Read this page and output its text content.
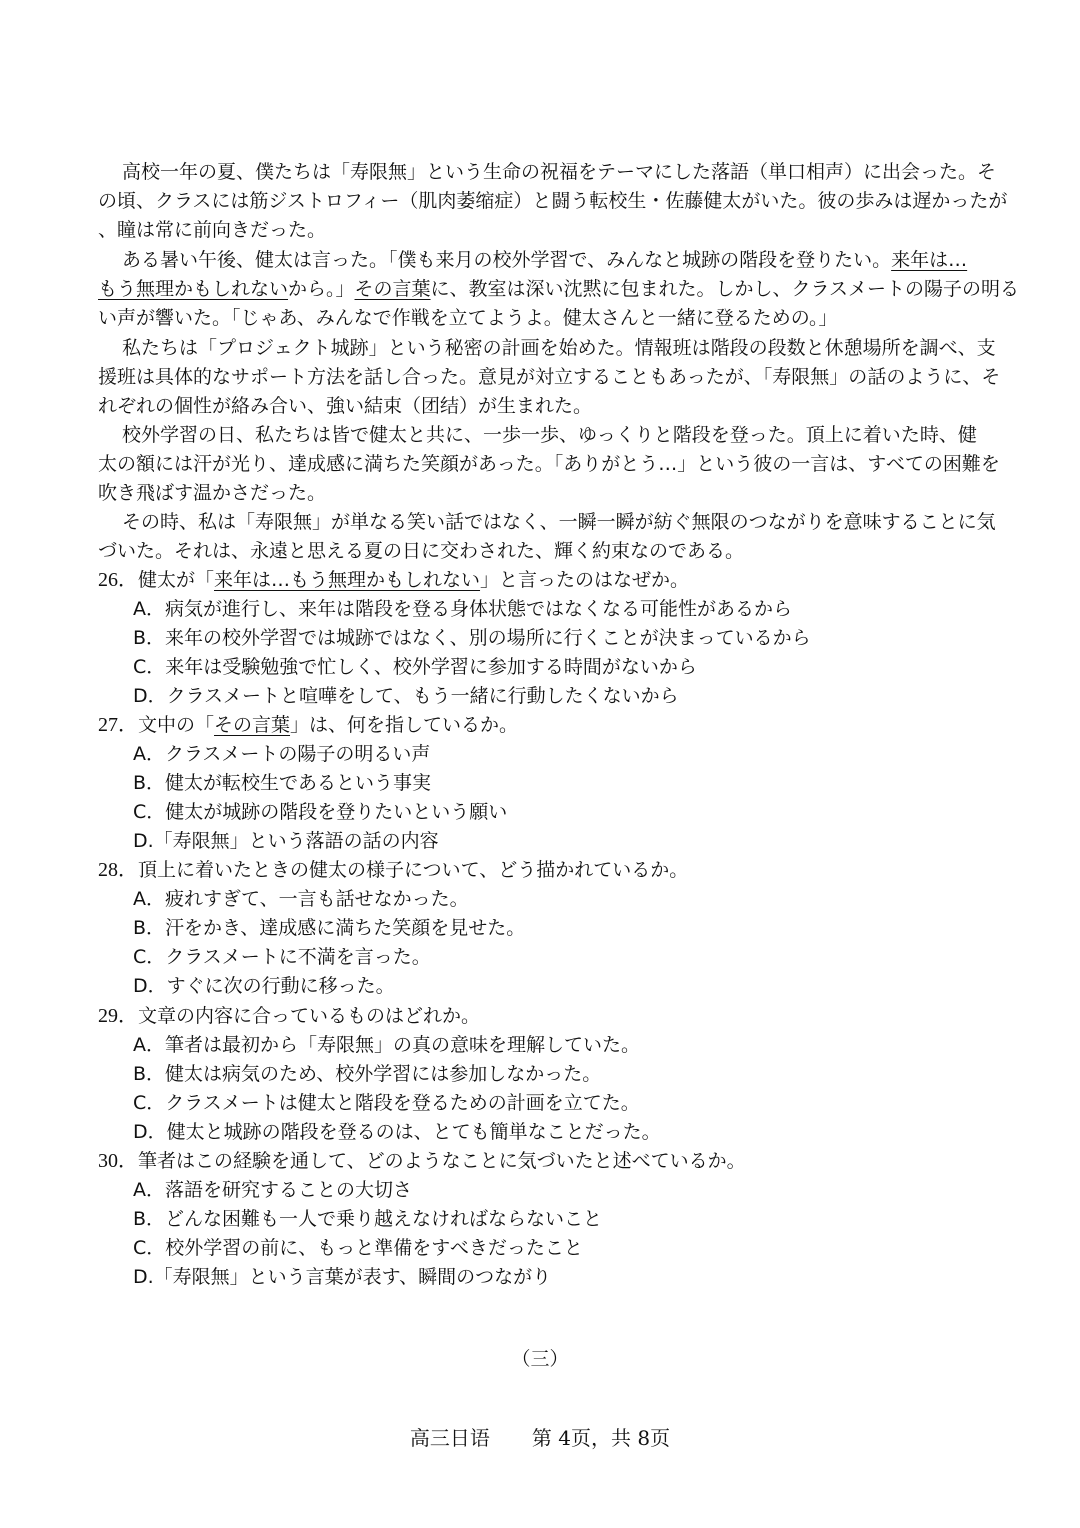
高校一年の夏、僕たちは「寿限無」という生命の祝福をテーマにした落語（単口相声）に出会った。そ
の頃、クラスには筋ジストロフィー（肌肉萎缩症）と闘う転校生・佐藤健太がいた。彼の歩みは遅かったが
、瞳は常に前向きだった。
ある暑い午後、健太は言った。「僕も来月の校外学習で、みんなと城跡の階段を登りたい。来年は…
もう無理かもしれないから。」その言葉に、教室は深い沈黙に包まれた。しかし、クラスメートの陽子の明る
い声が響いた。「じゃあ、みんなで作戦を立てようよ。健太さんと一緒に登るための。」
私たちは「プロジェクト城跡」という秘密の計画を始めた。情報班は階段の段数と休憩場所を調べ、支
援班は具体的なサポート方法を話し合った。意見が対立することもあったが、「寿限無」の話のように、そ
れぞれの個性が絡み合い、強い結束（团结）が生まれた。
校外学習の日、私たちは皆で健太と共に、一歩一歩、ゆっくりと階段を登った。頂上に着いた時、健
太の額には汗が光り、達成感に満ちた笑顔があった。「ありがとう…」という彼の一言は、すべての困難を
吹き飛ばす温かさだった。
その時、私は「寿限無」が単なる笑い話ではなく、一瞬一瞬が紡ぐ無限のつながりを意味することに気
づいた。それは、永遠と思える夏の日に交わされた、輝く約束なのである。
26．健太が「来年は…もう無理かもしれない」と言ったのはなぜか。
A．病気が進行し、来年は階段を登る身体状態ではなくなる可能性があるから
B．来年の校外学習では城跡ではなく、別の場所に行くことが決まっているから
C．来年は受験勉強で忙しく、校外学習に参加する時間がないから
D．クラスメートと喧嘩をして、もう一緒に行動したくないから
27．文中の「その言葉」は、何を指しているか。
A．クラスメートの陽子の明るい声
B．健太が転校生であるという事実
C．健太が城跡の階段を登りたいという願い
D.「寿限無」という落語の話の内容
28．頂上に着いたときの健太の様子について、どう描かれているか。
A．疲れすぎて、一言も話せなかった。
B．汗をかき、達成感に満ちた笑顔を見せた。
C．クラスメートに不満を言った。
D．すぐに次の行動に移った。
29．文章の内容に合っているものはどれか。
A．筆者は最初から「寿限無」の真の意味を理解していた。
B．健太は病気のため、校外学習には参加しなかった。
C．クラスメートは健太と階段を登るための計画を立てた。
D．健太と城跡の階段を登るのは、とても簡単なことだった。
30．筆者はこの経験を通して、どのようなことに気づいたと述べているか。
A．落語を研究することの大切さ
B．どんな困難も一人で乗り越えなければならないこと
C．校外学習の前に、もっと準備をすべきだったこと
D.「寿限無」という言葉が表す、瞬間のつながり
（三）
高三日语 第 4页，共 8页
